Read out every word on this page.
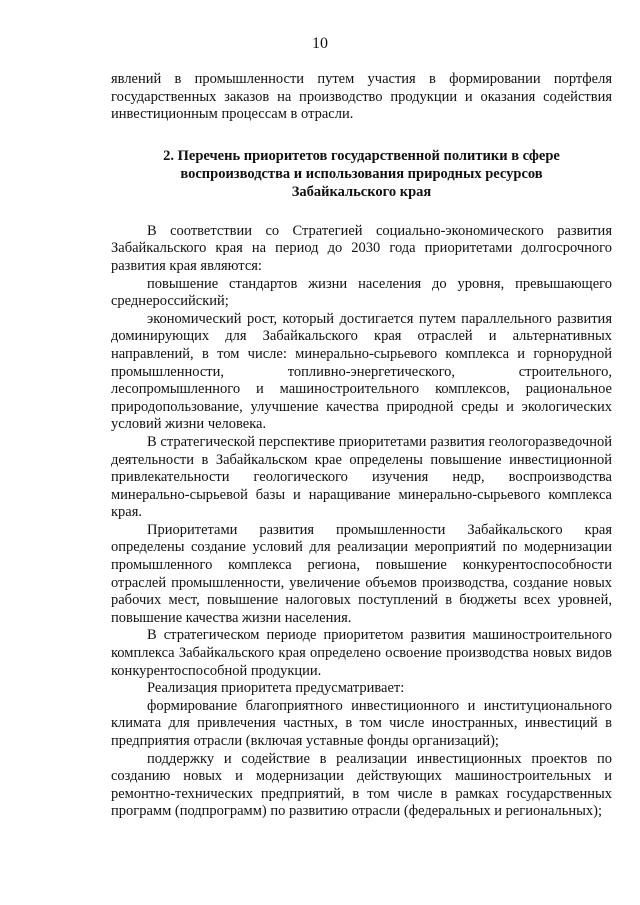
10

явлений в промышленности путем участия в формировании портфеля государственных заказов на производство продукции и оказания содействия инвестиционным процессам в отрасли.

2. Перечень приоритетов государственной политики в сфере
воспроизводства и использования природных ресурсов
Забайкальского края

В соответствии со Стратегией социально-экономического развития Забайкальского края на период до 2030 года приоритетами долгосрочного развития края являются:

повышение стандартов жизни населения до уровня, превышающего среднероссийский;

экономический рост, который достигается путем параллельного развития доминирующих для Забайкальского края отраслей и альтернативных направлений, в том числе: минерально-сырьевого комплекса и горнорудной промышленности, топливно-энергетического, строительного, лесопромышленного и машиностроительного комплексов, рациональное природопользование, улучшение качества природной среды и экологических условий жизни человека.

В стратегической перспективе приоритетами развития геологоразведочной деятельности в Забайкальском крае определены повышение инвестиционной привлекательности геологического изучения недр, воспроизводства минерально-сырьевой базы и наращивание минерально-сырьевого комплекса края.

Приоритетами развития промышленности Забайкальского края определены создание условий для реализации мероприятий по модернизации промышленного комплекса региона, повышение конкурентоспособности отраслей промышленности, увеличение объемов производства, создание новых рабочих мест, повышение налоговых поступлений в бюджеты всех уровней, повышение качества жизни населения.

В стратегическом периоде приоритетом развития машиностроительного комплекса Забайкальского края определено освоение производства новых видов конкурентоспособной продукции.

Реализация приоритета предусматривает:

формирование благоприятного инвестиционного и институционального климата для привлечения частных, в том числе иностранных, инвестиций в предприятия отрасли (включая уставные фонды организаций);

поддержку и содействие в реализации инвестиционных проектов по созданию новых и модернизации действующих машиностроительных и ремонтно-технических предприятий, в том числе в рамках государственных программ (подпрограмм) по развитию отрасли (федеральных и региональных);
